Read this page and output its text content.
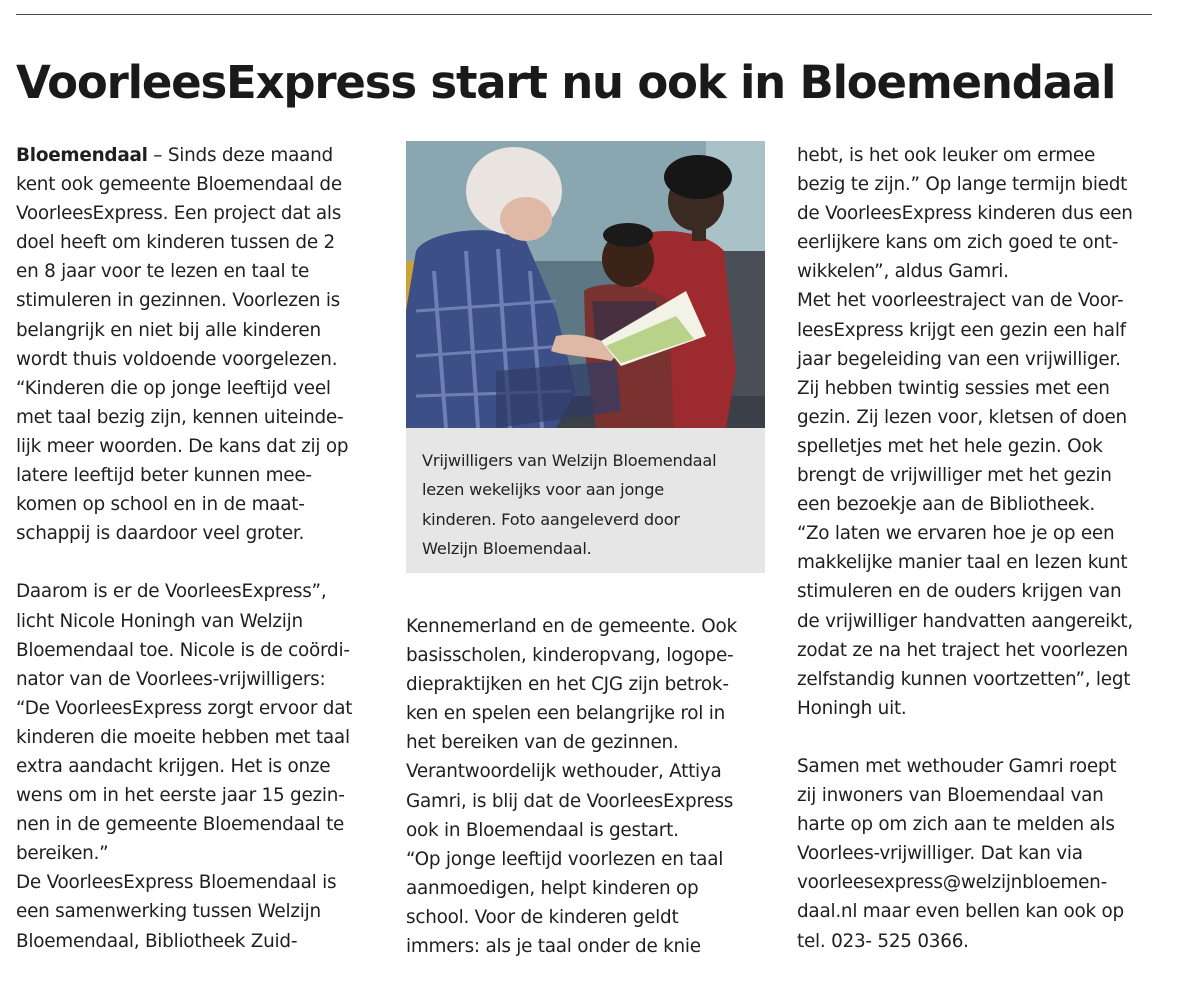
VoorleesExpress start nu ook in Bloemendaal
Bloemendaal – Sinds deze maand
kent ook gemeente Bloemendaal de
VoorleesExpress. Een project dat als
doel heeft om kinderen tussen de 2
en 8 jaar voor te lezen en taal te
stimuleren in gezinnen. Voorlezen is
belangrijk en niet bij alle kinderen
wordt thuis voldoende voorgelezen.
“Kinderen die op jonge leeftijd veel
met taal bezig zijn, kennen uiteinde-
lijk meer woorden. De kans dat zij op
latere leeftijd beter kunnen mee-
komen op school en in de maat-
schappij is daardoor veel groter.
Daarom is er de VoorleesExpress”,
licht Nicole Honingh van Welzijn
Bloemendaal toe. Nicole is de coördi-
nator van de Voorlees-vrijwilligers:
“De VoorleesExpress zorgt ervoor dat
kinderen die moeite hebben met taal
extra aandacht krijgen. Het is onze
wens om in het eerste jaar 15 gezin-
nen in de gemeente Bloemendaal te
bereiken.”
De VoorleesExpress Bloemendaal is
een samenwerking tussen Welzijn
Bloemendaal, Bibliotheek Zuid-
Vrijwilligers van Welzijn Bloemendaal
lezen wekelijks voor aan jonge
kinderen. Foto aangeleverd door
Welzijn Bloemendaal.
Kennemerland en de gemeente. Ook
basisscholen, kinderopvang, logope-
diepraktijken en het CJG zijn betrok-
ken en spelen een belangrijke rol in
het bereiken van de gezinnen.
Verantwoordelijk wethouder, Attiya
Gamri, is blij dat de VoorleesExpress
ook in Bloemendaal is gestart.
“Op jonge leeftijd voorlezen en taal
aanmoedigen, helpt kinderen op
school. Voor de kinderen geldt
immers: als je taal onder de knie
hebt, is het ook leuker om ermee
bezig te zijn.” Op lange termijn biedt
de VoorleesExpress kinderen dus een
eerlijkere kans om zich goed te ont-
wikkelen”, aldus Gamri.
Met het voorleestraject van de Voor-
leesExpress krijgt een gezin een half
jaar begeleiding van een vrijwilliger.
Zij hebben twintig sessies met een
gezin. Zij lezen voor, kletsen of doen
spelletjes met het hele gezin. Ook
brengt de vrijwilliger met het gezin
een bezoekje aan de Bibliotheek.
“Zo laten we ervaren hoe je op een
makkelijke manier taal en lezen kunt
stimuleren en de ouders krijgen van
de vrijwilliger handvatten aangereikt,
zodat ze na het traject het voorlezen
zelfstandig kunnen voortzetten”, legt
Honingh uit.
Samen met wethouder Gamri roept
zij inwoners van Bloemendaal van
harte op om zich aan te melden als
Voorlees-vrijwilliger. Dat kan via
voorleesexpress@welzijnbloemen-
daal.nl maar even bellen kan ook op
tel. 023- 525 0366.
